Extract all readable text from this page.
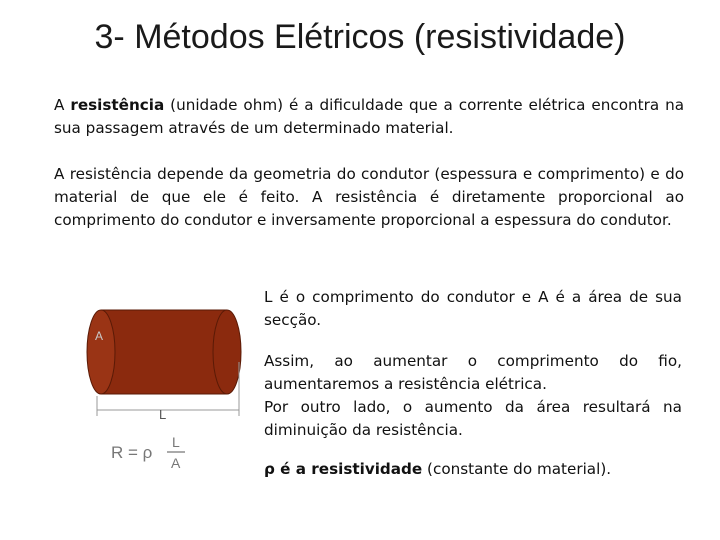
3- Métodos Elétricos (resistividade)
A resistência (unidade ohm) é a dificuldade que a corrente elétrica encontra na sua passagem através de um determinado material.
A resistência depende da geometria do condutor (espessura e comprimento) e do material de que ele é feito. A resistência é diretamente proporcional ao comprimento do condutor e inversamente proporcional a espessura do condutor.
L é o comprimento do condutor e A é a área de sua secção.
Assim, ao aumentar o comprimento do fio, aumentaremos a resistência elétrica.
Por outro lado, o aumento da área resultará na diminuição da resistência.
ρ é a resistividade (constante do material).
A
L
R = ρ
L
A
